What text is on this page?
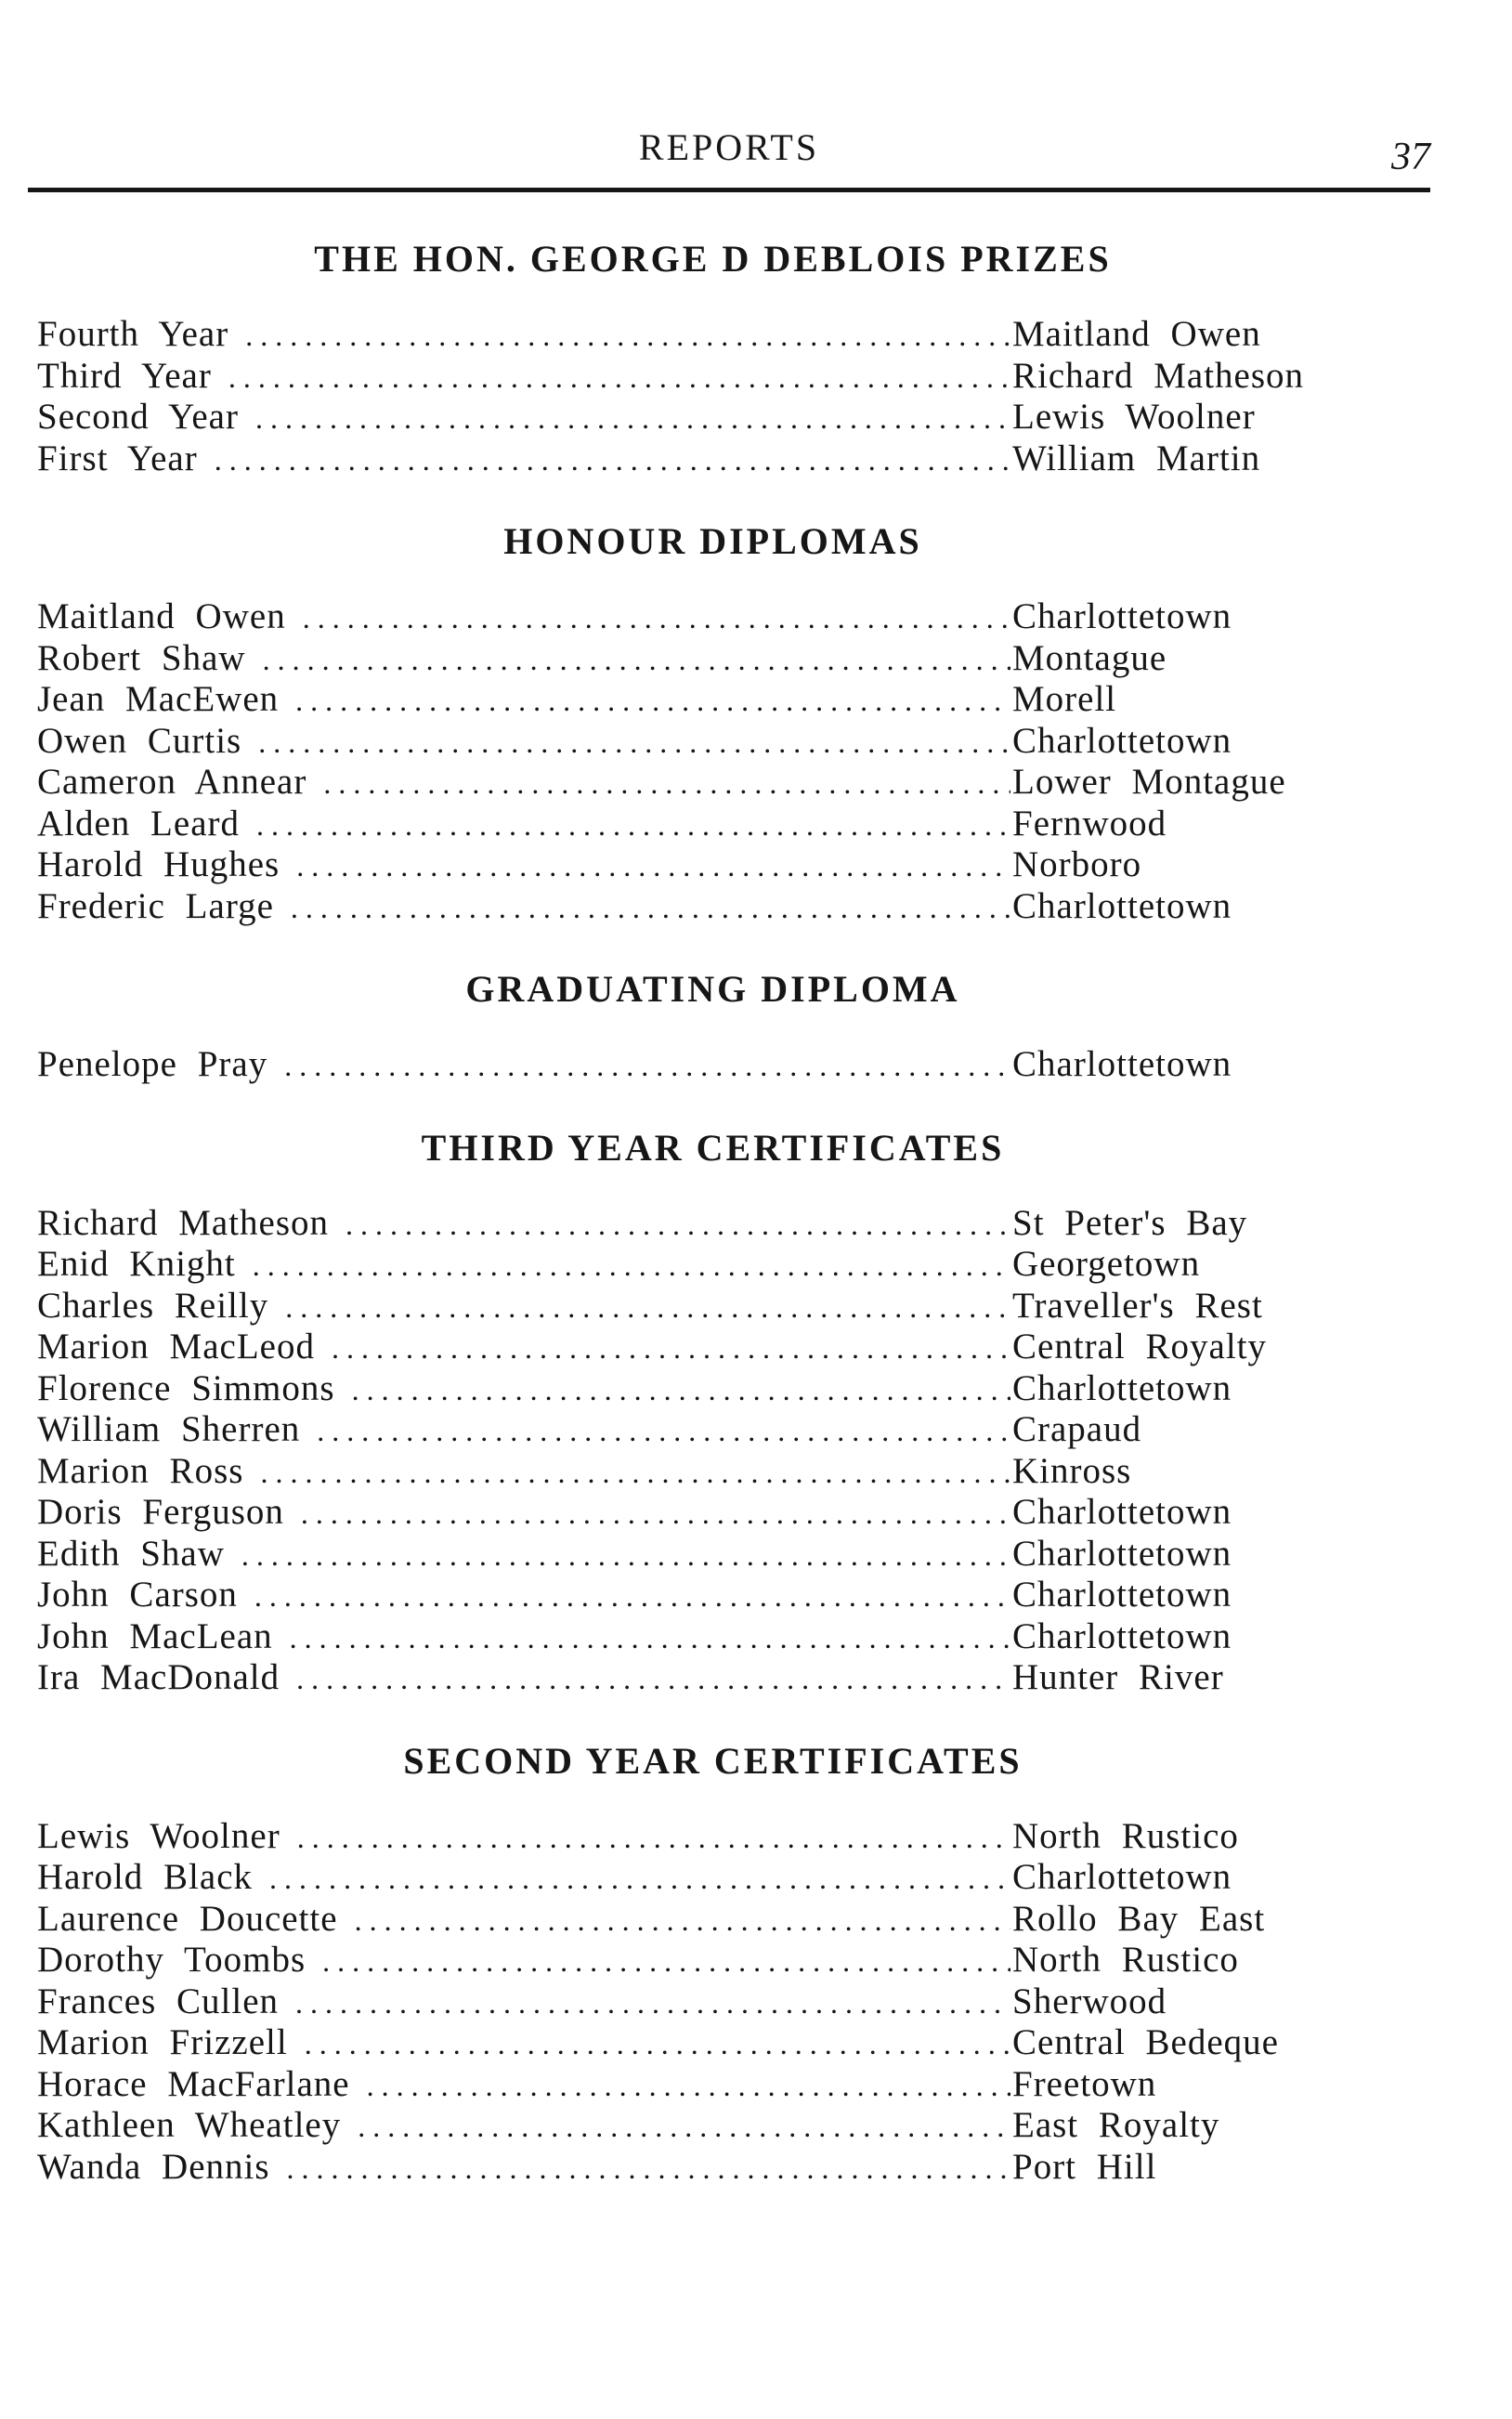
REPORTS	37
THE HON. GEORGE D DEBLOIS PRIZES
Fourth Year . . .	Maitland Owen
Third Year . . .	Richard Matheson
Second Year . . .	Lewis Woolner
First Year . . .	William Martin
HONOUR DIPLOMAS
Maitland Owen . . .	Charlottetown
Robert Shaw . . .	Montague
Jean MacEwen . . .	Morell
Owen Curtis . . .	Charlottetown
Cameron Annear . . .	Lower Montague
Alden Leard . . .	Fernwood
Harold Hughes . . .	Norboro
Frederic Large . . .	Charlottetown
GRADUATING DIPLOMA
Penelope Pray . . .	Charlottetown
THIRD YEAR CERTIFICATES
Richard Matheson . . .	St Peter's Bay
Enid Knight . . .	Georgetown
Charles Reilly . . .	Traveller's Rest
Marion MacLeod . . .	Central Royalty
Florence Simmons . . .	Charlottetown
William Sherren . . .	Crapaud
Marion Ross . . .	Kinross
Doris Ferguson . . .	Charlottetown
Edith Shaw . . .	Charlottetown
John Carson . . .	Charlottetown
John MacLean . . .	Charlottetown
Ira MacDonald . . .	Hunter River
SECOND YEAR CERTIFICATES
Lewis Woolner . . .	North Rustico
Harold Black . . .	Charlottetown
Laurence Doucette . . .	Rollo Bay East
Dorothy Toombs . . .	North Rustico
Frances Cullen . . .	Sherwood
Marion Frizzell . . .	Central Bedeque
Horace MacFarlane . . .	Freetown
Kathleen Wheatley . . .	East Royalty
Wanda Dennis . . .	Port Hill
